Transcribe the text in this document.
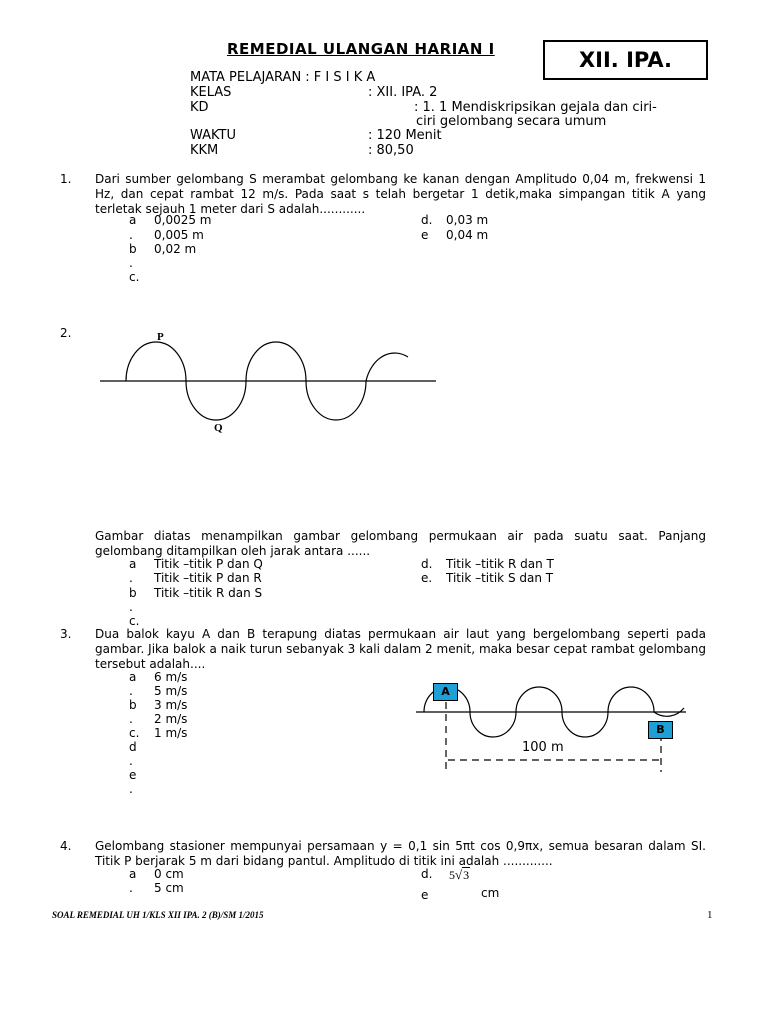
REMEDIAL ULANGAN HARIAN I	XII. IPA.
MATA PELAJARAN : F I S I K A
KELAS	: XII. IPA. 2
KD	: 1. 1 Mendiskripsikan gejala dan ciri-
ciri gelombang secara umum
WAKTU	: 120 Menit
KKM	: 80,50
1. Dari sumber gelombang S merambat gelombang ke kanan dengan Amplitudo 0,04 m, frekwensi 1 Hz, dan cepat rambat 12 m/s. Pada saat s telah bergetar 1 detik,maka simpangan titik A yang terletak sejauh 1 meter dari S adalah............
a 0,0025 m
. 0,005 m
b 0,02 m
.
c.
d. 0,03 m
e 0,04 m
2.	P
Q
Gambar diatas menampilkan gambar gelombang permukaan air pada suatu saat. Panjang gelombang ditampilkan oleh jarak antara ......
a Titik –titik P dan Q
. Titik –titik P dan R
b Titik –titik R dan S
.
c.
d. Titik –titik R dan T
e. Titik –titik S dan T
3. Dua balok kayu A dan B terapung diatas permukaan air laut yang bergelombang seperti pada gambar. Jika balok a naik turun sebanyak 3 kali dalam 2 menit, maka besar cepat rambat gelombang tersebut adalah....
a 6 m/s
. 5 m/s
b 3 m/s
. 2 m/s
c. 1 m/s
d
.
e
.
A
B
100 m
4. Gelombang stasioner mempunyai persamaan y = 0,1 sin 5πt cos 0,9πx, semua besaran dalam SI. Titik P berjarak 5 m dari bidang pantul. Amplitudo di titik ini adalah .............
a 0 cm
. 5 cm
d. 5√3
e	cm
SOAL REMEDIAL UH 1/KLS XII IPA. 2 (B)/SM 1/2015	1
